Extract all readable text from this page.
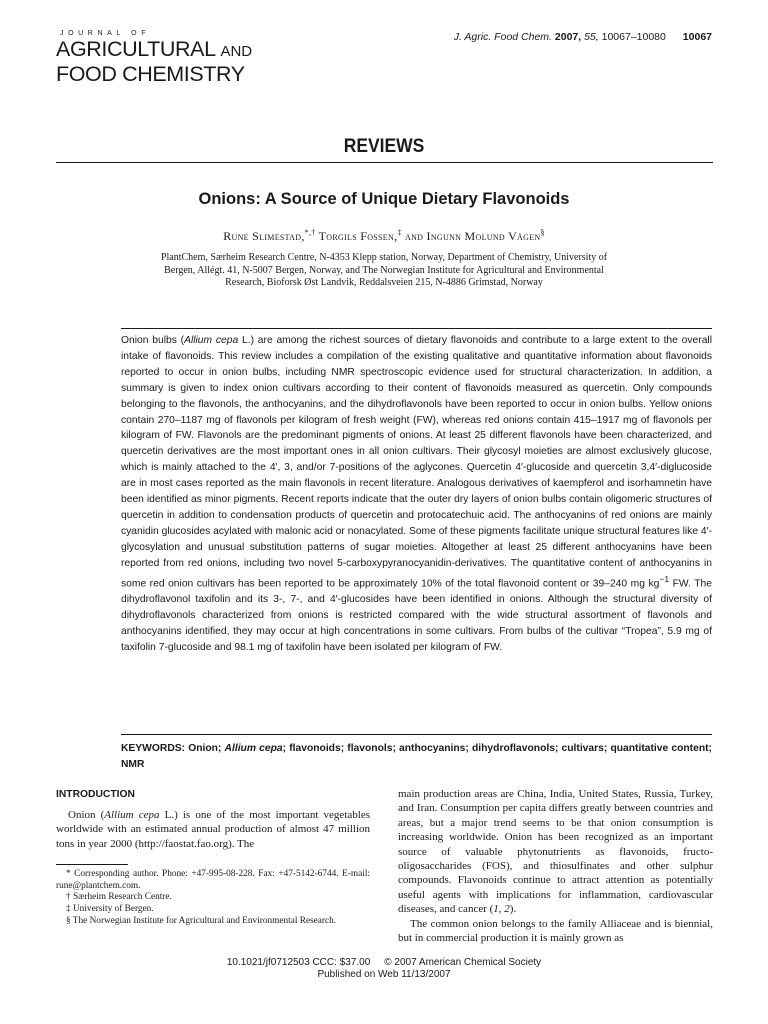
JOURNAL OF
AGRICULTURAL AND
FOOD CHEMISTRY
J. Agric. Food Chem. 2007, 55, 10067–10080 10067
REVIEWS
Onions: A Source of Unique Dietary Flavonoids
Rune Slimestad,*,† Torgils Fossen,‡ and Ingunn Molund Vågen§
PlantChem, Særheim Research Centre, N-4353 Klepp station, Norway, Department of Chemistry, University of Bergen, Allégt. 41, N-5007 Bergen, Norway, and The Norwegian Institute for Agricultural and Environmental Research, Bioforsk Øst Landvik, Reddalsveien 215, N-4886 Grimstad, Norway
Onion bulbs (Allium cepa L.) are among the richest sources of dietary flavonoids and contribute to a large extent to the overall intake of flavonoids. This review includes a compilation of the existing qualitative and quantitative information about flavonoids reported to occur in onion bulbs, including NMR spectroscopic evidence used for structural characterization. In addition, a summary is given to index onion cultivars according to their content of flavonoids measured as quercetin. Only compounds belonging to the flavonols, the anthocyanins, and the dihydroflavonols have been reported to occur in onion bulbs. Yellow onions contain 270–1187 mg of flavonols per kilogram of fresh weight (FW), whereas red onions contain 415–1917 mg of flavonols per kilogram of FW. Flavonols are the predominant pigments of onions. At least 25 different flavonols have been characterized, and quercetin derivatives are the most important ones in all onion cultivars. Their glycosyl moieties are almost exclusively glucose, which is mainly attached to the 4′, 3, and/or 7-positions of the aglycones. Quercetin 4′-glucoside and quercetin 3,4′-diglucoside are in most cases reported as the main flavonols in recent literature. Analogous derivatives of kaempferol and isorhamnetin have been identified as minor pigments. Recent reports indicate that the outer dry layers of onion bulbs contain oligomeric structures of quercetin in addition to condensation products of quercetin and protocatechuic acid. The anthocyanins of red onions are mainly cyanidin glucosides acylated with malonic acid or nonacylated. Some of these pigments facilitate unique structural features like 4′-glycosylation and unusual substitution patterns of sugar moieties. Altogether at least 25 different anthocyanins have been reported from red onions, including two novel 5-carboxypyranocyanidin-derivatives. The quantitative content of anthocyanins in some red onion cultivars has been reported to be approximately 10% of the total flavonoid content or 39–240 mg $kg^{-1}$ FW. The dihydroflavonol taxifolin and its 3-, 7-, and 4′-glucosides have been identified in onions. Although the structural diversity of dihydroflavonols characterized from onions is restricted compared with the wide structural assortment of flavonols and anthocyanins identified, they may occur at high concentrations in some cultivars. From bulbs of the cultivar “Tropea”, 5.9 mg of taxifolin 7-glucoside and 98.1 mg of taxifolin have been isolated per kilogram of FW.
KEYWORDS: Onion; Allium cepa; flavonoids; flavonols; anthocyanins; dihydroflavonols; cultivars; quantitative content; NMR
INTRODUCTION

Onion (Allium cepa L.) is one of the most important vegetables worldwide with an estimated annual production of almost 47 million tons in year 2000 (http://faostat.fao.org). The

* Corresponding author. Phone: +47-995-08-228. Fax: +47-5142-6744. E-mail: rune@plantchem.com.

† Særheim Research Centre.

‡ University of Bergen.

§ The Norwegian Institute for Agricultural and Environmental Research.

main production areas are China, India, United States, Russia, Turkey, and Iran. Consumption per capita differs greatly between countries and areas, but a major trend seems to be that onion consumption is increasing worldwide. Onion has been recognized as an important source of valuable phytonutrients as flavonoids, fructo-oligosaccharides (FOS), and thiosulfinates and other sulphur compounds. Flavonoids continue to attract attention as potentially useful agents with implications for inflammation, cardiovascular diseases, and cancer (1, 2).

The common onion belongs to the family Alliaceae and is biennial, but in commercial production it is mainly grown as

10.1021/jf0712503 CCC: $37.00 © 2007 American Chemical Society
Published on Web 11/13/2007
